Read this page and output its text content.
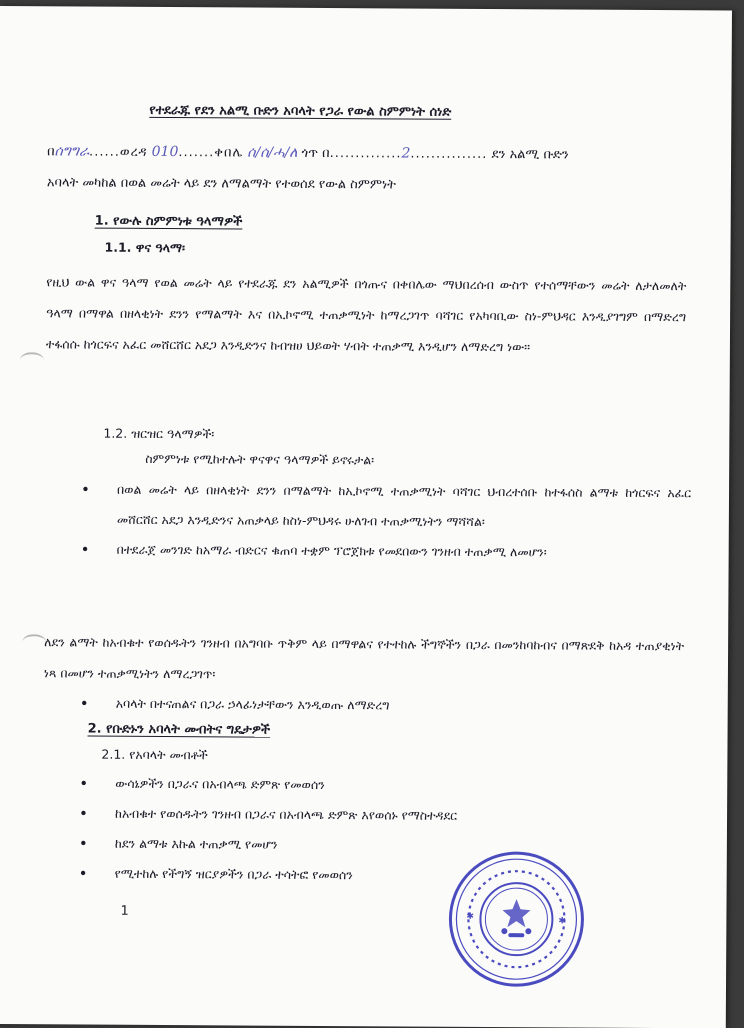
የተደራጁ የደን አልሚ ቡድን አባላት የጋራ የውል ስምምነት ሰነድ
በሰግግራ......ወረዳ 010.......ቀበሌ ሰ/ሰ/ሓ/ለ ጎጥ በ..............2............... ደን አልሚ ቡድን
አባላት መካከል በወል መሬት ላይ ደን ለማልማት የተወሰደ የውል ስምምነት
1. የውሉ ስምምነቱ ዓላማዎች
1.1. ዋና ዓላማ፡
የዚህ ውል ዋና ዓላማ የወል መሬት ላይ የተደራጁ ደን አልሚዎች በጎጡና በቀበሌው ማህበረሰብ ውስጥ የተሰማቸውን መሬት ለታለመለት ዓላማ በማዋል በዘላቂነት ደንን የማልማት እና በኢኮኖሚ ተጠቃሚነት ከማረጋገጥ ባሻገር የአካባቢው ስነ-ምህዳር እንዲያገግም በማድረግ ተፋሰሱ ከጎርፍና አፈር መሸርሸር አደጋ እንዲድንና ከብዝሀ ህይወት ሃብት ተጠቃሚ እንዲሆን ለማድረግ ነው፡፡
1.2. ዝርዝር ዓላማዎች፡
ስምምነቱ የሚከተሉት ዋናዋና ዓላማዎች ይኖሩታል፡
• በወል መሬት ላይ በዘላቂነት ደንን በማልማት ከኢኮኖሚ ተጠቃሚነት ባሻገር ህብረተሰቡ ከተፋሰስ ልማቱ ከጎርፍና አፈር መሸርሸር አደጋ እንዲድንና አጠቃላይ ከስነ-ምህዳሩ ሁለገብ ተጠቃሚነትን ማሻሻል፡
• በተደራጀ መንገድ ከአማራ ብድርና ቁጠባ ተቋም ፕሮጀክቱ የመደበውን ገንዘብ ተጠቃሚ ለመሆን፡
ለደን ልማት ከአብቁተ የወሰዱትን ገንዘብ በአግባቡ ጥቅም ላይ በማዋልና የተተከሉ ችግኞችን በጋራ በመንከባከብና በማጽደቅ ከአዳ ተጠያቂነት ነጻ በመሆን ተጠቃሚነትን ለማረጋገጥ፡
• አባላት በተናጠልና በጋራ ኃላፊነታቸውን እንዲወጡ ለማድረግ
2. የቡድኑን አባላት መብትና ግዴታዎች
2.1. የአባላት መብቶች
• ውሳኔዎችን በጋራና በአብላጫ ድምጽ የመወሰን
• ከአብቁተ የወሰዱትን ገንዘብ በጋራና በአብላጫ ድምጽ እየወሰኑ የማስተዳደር
• ከደን ልማቱ እኩል ተጠቃሚ የመሆን
• የሚተከሉ የችግኝ ዝርያዎችን በጋራ ተሳትፎ የመወሰን
1	✱	✱
